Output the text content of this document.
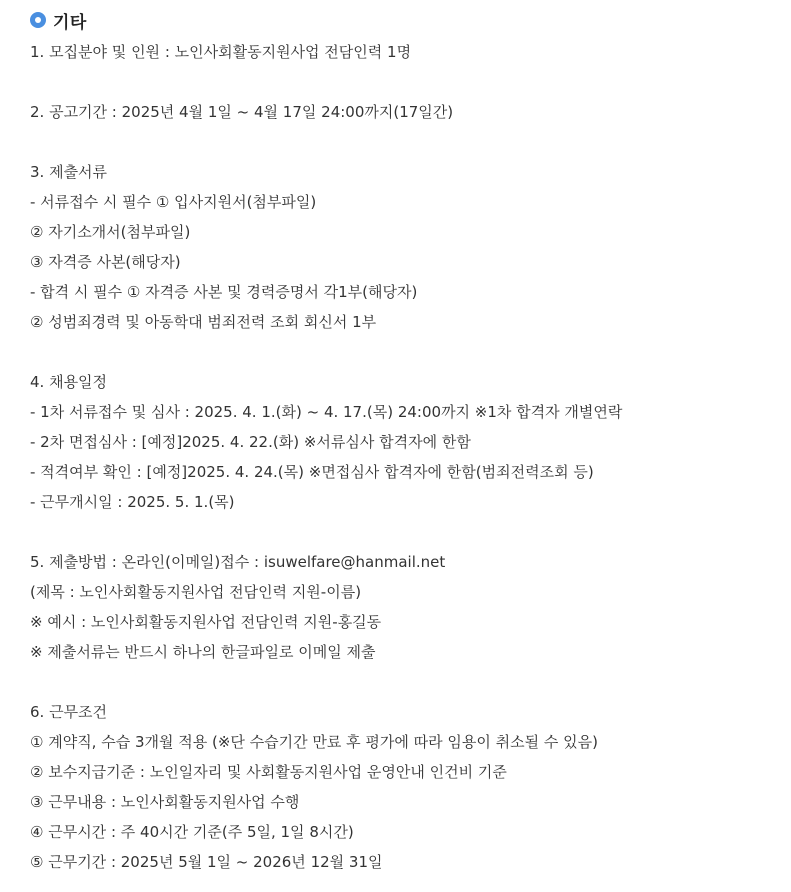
기타
1. 모집분야 및 인원 : 노인사회활동지원사업 전담인력 1명
2. 공고기간 : 2025년 4월 1일 ~ 4월 17일 24:00까지(17일간)
3. 제출서류
- 서류접수 시 필수 ① 입사지원서(첨부파일)
② 자기소개서(첨부파일)
③ 자격증 사본(해당자)
- 합격 시 필수 ① 자격증 사본 및 경력증명서 각1부(해당자)
② 성범죄경력 및 아동학대 범죄전력 조회 회신서 1부
4. 채용일정
- 1차 서류접수 및 심사 : 2025. 4. 1.(화) ~ 4. 17.(목) 24:00까지 ※1차 합격자 개별연락
- 2차 면접심사 : [예정]2025. 4. 22.(화) ※서류심사 합격자에 한함
- 적격여부 확인 : [예정]2025. 4. 24.(목) ※면접심사 합격자에 한함(범죄전력조회 등)
- 근무개시일 : 2025. 5. 1.(목)
5. 제출방법 : 온라인(이메일)접수 : isuwelfare@hanmail.net
(제목 : 노인사회활동지원사업 전담인력 지원-이름)
※ 예시 : 노인사회활동지원사업 전담인력 지원-홍길동
※ 제출서류는 반드시 하나의 한글파일로 이메일 제출
6. 근무조건
① 계약직, 수습 3개월 적용 (※단 수습기간 만료 후 평가에 따라 임용이 취소될 수 있음)
② 보수지급기준 : 노인일자리 및 사회활동지원사업 운영안내 인건비 기준
③ 근무내용 : 노인사회활동지원사업 수행
④ 근무시간 : 주 40시간 기준(주 5일, 1일 8시간)
⑤ 근무기간 : 2025년 5월 1일 ~ 2026년 12월 31일
